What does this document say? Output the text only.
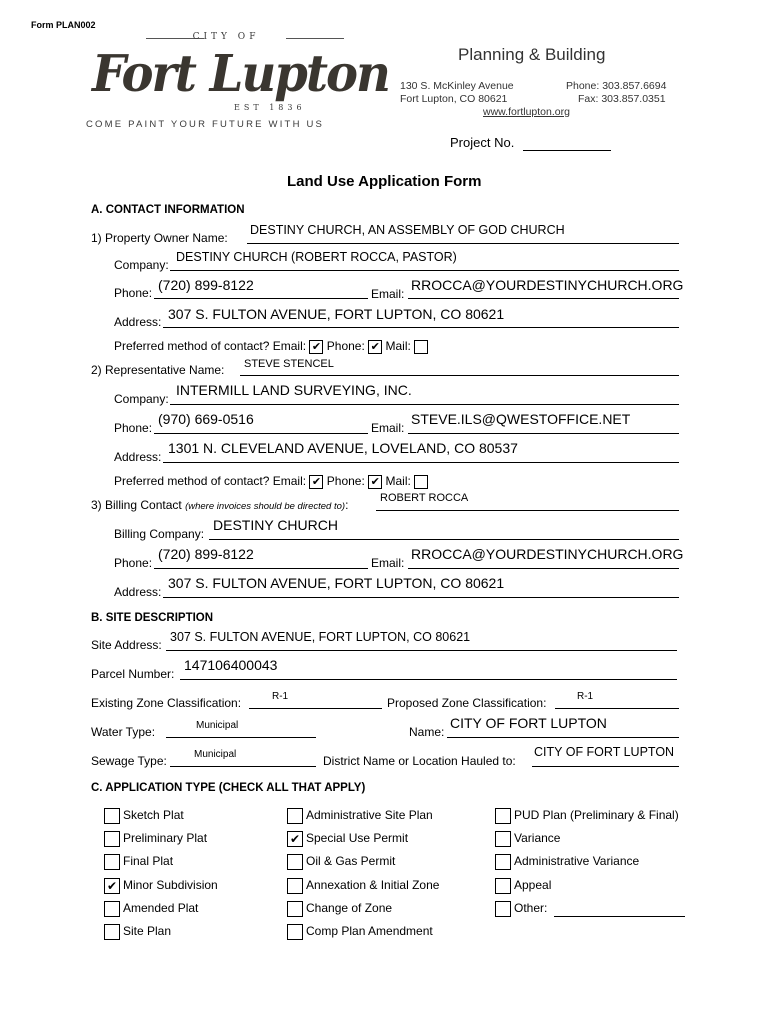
Form PLAN002
CITY OF
Fort Lupton
EST 1836
COME PAINT YOUR FUTURE WITH US
Planning & Building
130 S. McKinley Avenue
Fort Lupton, CO 80621
Phone: 303.857.6694
Fax: 303.857.0351
www.fortlupton.org
Project No.
Land Use Application Form
A. CONTACT INFORMATION
1) Property Owner Name:
DESTINY CHURCH, AN ASSEMBLY OF GOD CHURCH
Company:
DESTINY CHURCH (ROBERT ROCCA, PASTOR)
Phone: (720) 899-8122
Email:
RROCCA@YOURDESTINYCHURCH.ORG
Address: 307 S. FULTON AVENUE, FORT LUPTON, CO 80621
Preferred method of contact? Email: ✔ Phone: ✔ Mail:
2) Representative Name: STEVE STENCEL
Company:
INTERMILL LAND SURVEYING, INC.
Phone:
(970) 669-0516
Email:
STEVE.ILS@QWESTOFFICE.NET
Address:
1301 N. CLEVELAND AVENUE, LOVELAND, CO 80537
Preferred method of contact? Email: ✔ Phone: ✔ Mail:
3) Billing Contact (where invoices should be directed to):	ROBERT ROCCA
Billing Company:
DESTINY CHURCH
Phone:
(720) 899-8122
Email:
RROCCA@YOURDESTINYCHURCH.ORG
Address:
307 S. FULTON AVENUE, FORT LUPTON, CO 80621
B. SITE DESCRIPTION
Site Address:
307 S. FULTON AVENUE, FORT LUPTON, CO 80621
Parcel Number:
147106400043
Existing Zone Classification:	R-1	Proposed Zone Classification:	R-1
Water Type:	Municipal	Name:
CITY OF FORT LUPTON
Sewage Type:	Municipal	District Name or Location Hauled to:
CITY OF FORT LUPTON
C. APPLICATION TYPE (CHECK ALL THAT APPLY)
Sketch Plat
Preliminary Plat
Final Plat
✔ Minor Subdivision
Amended Plat
Site Plan
Administrative Site Plan
✔ Special Use Permit
Oil & Gas Permit
Annexation & Initial Zone
Change of Zone
Comp Plan Amendment
PUD Plan (Preliminary & Final)
Variance
Administrative Variance
Appeal
Other:
